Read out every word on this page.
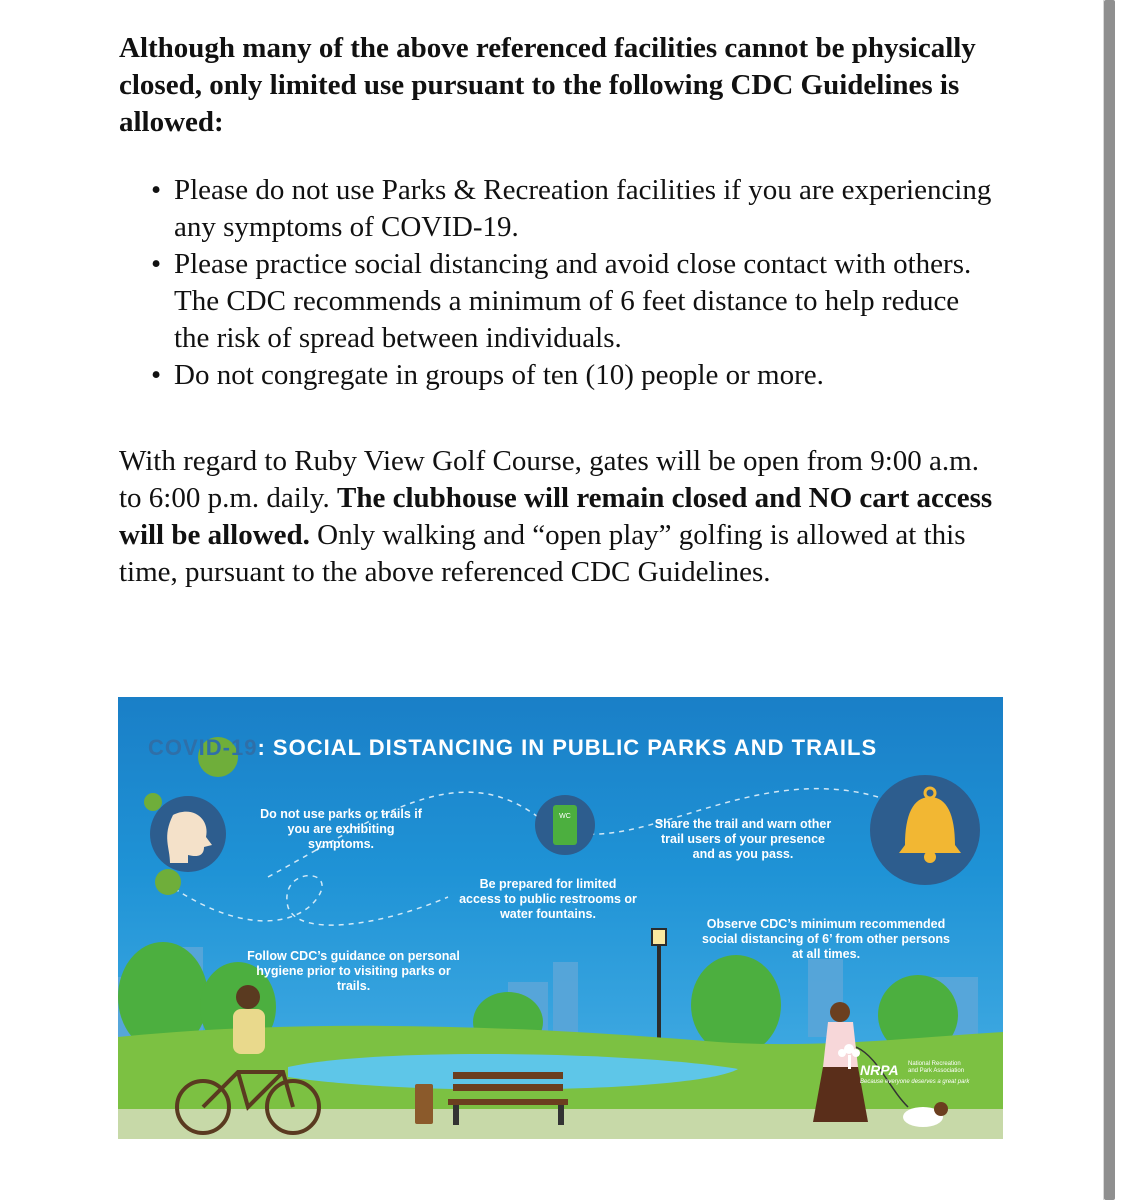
Although many of the above referenced facilities cannot be physically closed, only limited use pursuant to the following CDC Guidelines is allowed:

• Please do not use Parks & Recreation facilities if you are experiencing any symptoms of COVID-19.
• Please practice social distancing and avoid close contact with others. The CDC recommends a minimum of 6 feet distance to help reduce the risk of spread between individuals.
• Do not congregate in groups of ten (10) people or more.

With regard to Ruby View Golf Course, gates will be open from 9:00 a.m. to 6:00 p.m. daily. The clubhouse will remain closed and NO cart access will be allowed. Only walking and “open play” golfing is allowed at this time, pursuant to the above referenced CDC Guidelines.

WC
COVID-19: SOCIAL DISTANCING IN PUBLIC PARKS AND TRAILS
Do not use parks or trails if you are exhibiting symptoms.
Be prepared for limited access to public restrooms or water fountains.
Share the trail and warn other trail users of your presence and as you pass.
Observe CDC’s minimum recommended social distancing of 6’ from other persons at all times.
Follow CDC’s guidance on personal hygiene prior to visiting parks or trails.
NRPA National Recreation
and Park Association
Because everyone deserves a great park
